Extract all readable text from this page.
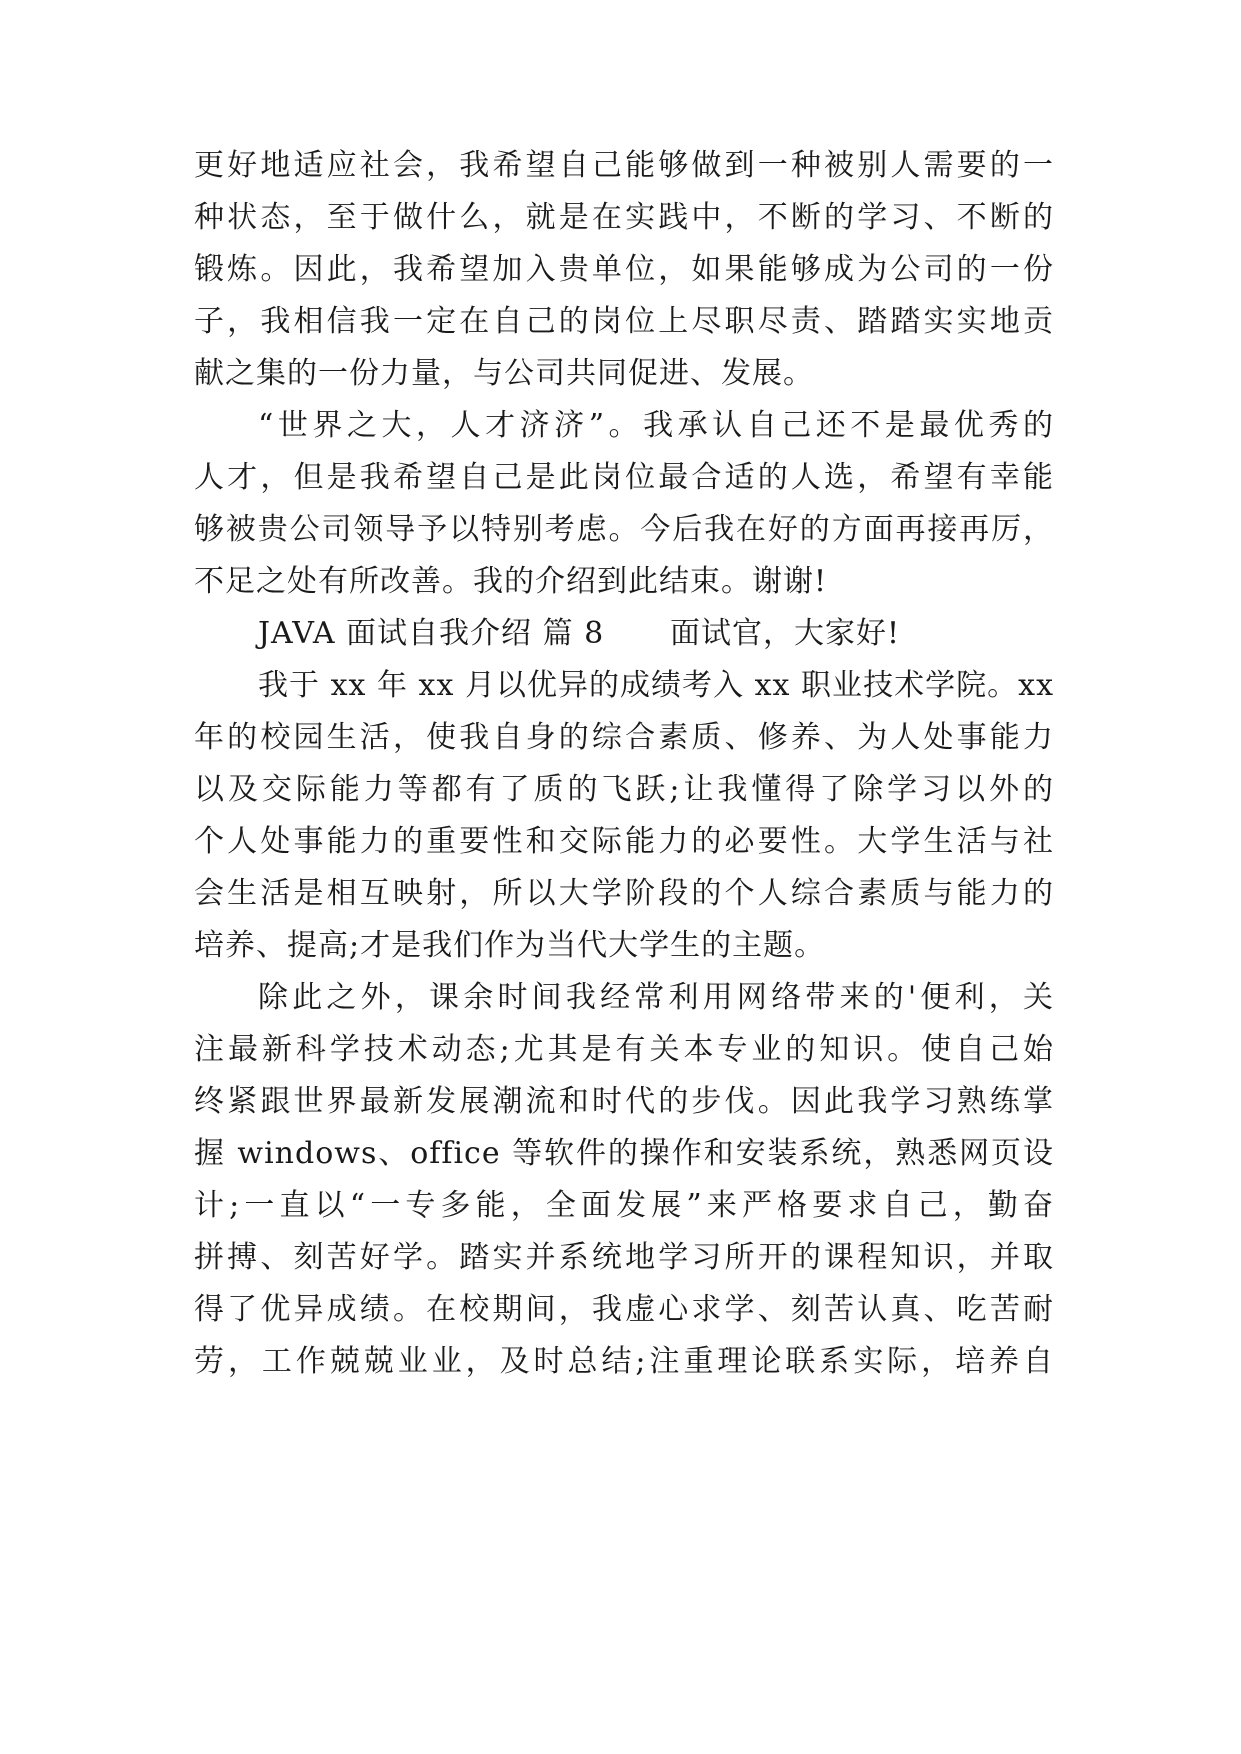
更好地适应社会，我希望自己能够做到一种被别人需要的一
种状态，至于做什么，就是在实践中，不断的学习、不断的
锻炼。因此，我希望加入贵单位，如果能够成为公司的一份
子，我相信我一定在自己的岗位上尽职尽责、踏踏实实地贡
献之集的一份力量，与公司共同促进、发展。
“世界之大，人才济济”。我承认自己还不是最优秀的
人才，但是我希望自己是此岗位最合适的人选，希望有幸能
够被贵公司领导予以特别考虑。今后我在好的方面再接再厉，
不足之处有所改善。我的介绍到此结束。谢谢!
JAVA 面试自我介绍 篇 8 面试官，大家好!
我于 xx 年 xx 月以优异的成绩考入 xx 职业技术学院。xx
年的校园生活，使我自身的综合素质、修养、为人处事能力
以及交际能力等都有了质的飞跃;让我懂得了除学习以外的
个人处事能力的重要性和交际能力的必要性。大学生活与社
会生活是相互映射，所以大学阶段的个人综合素质与能力的
培养、提高;才是我们作为当代大学生的主题。
除此之外，课余时间我经常利用网络带来的'便利，关
注最新科学技术动态;尤其是有关本专业的知识。使自己始
终紧跟世界最新发展潮流和时代的步伐。因此我学习熟练掌
握 windows、office 等软件的操作和安装系统，熟悉网页设
计;一直以“一专多能，全面发展”来严格要求自己，勤奋
拼搏、刻苦好学。踏实并系统地学习所开的课程知识，并取
得了优异成绩。在校期间，我虚心求学、刻苦认真、吃苦耐
劳，工作兢兢业业，及时总结;注重理论联系实际，培养自
